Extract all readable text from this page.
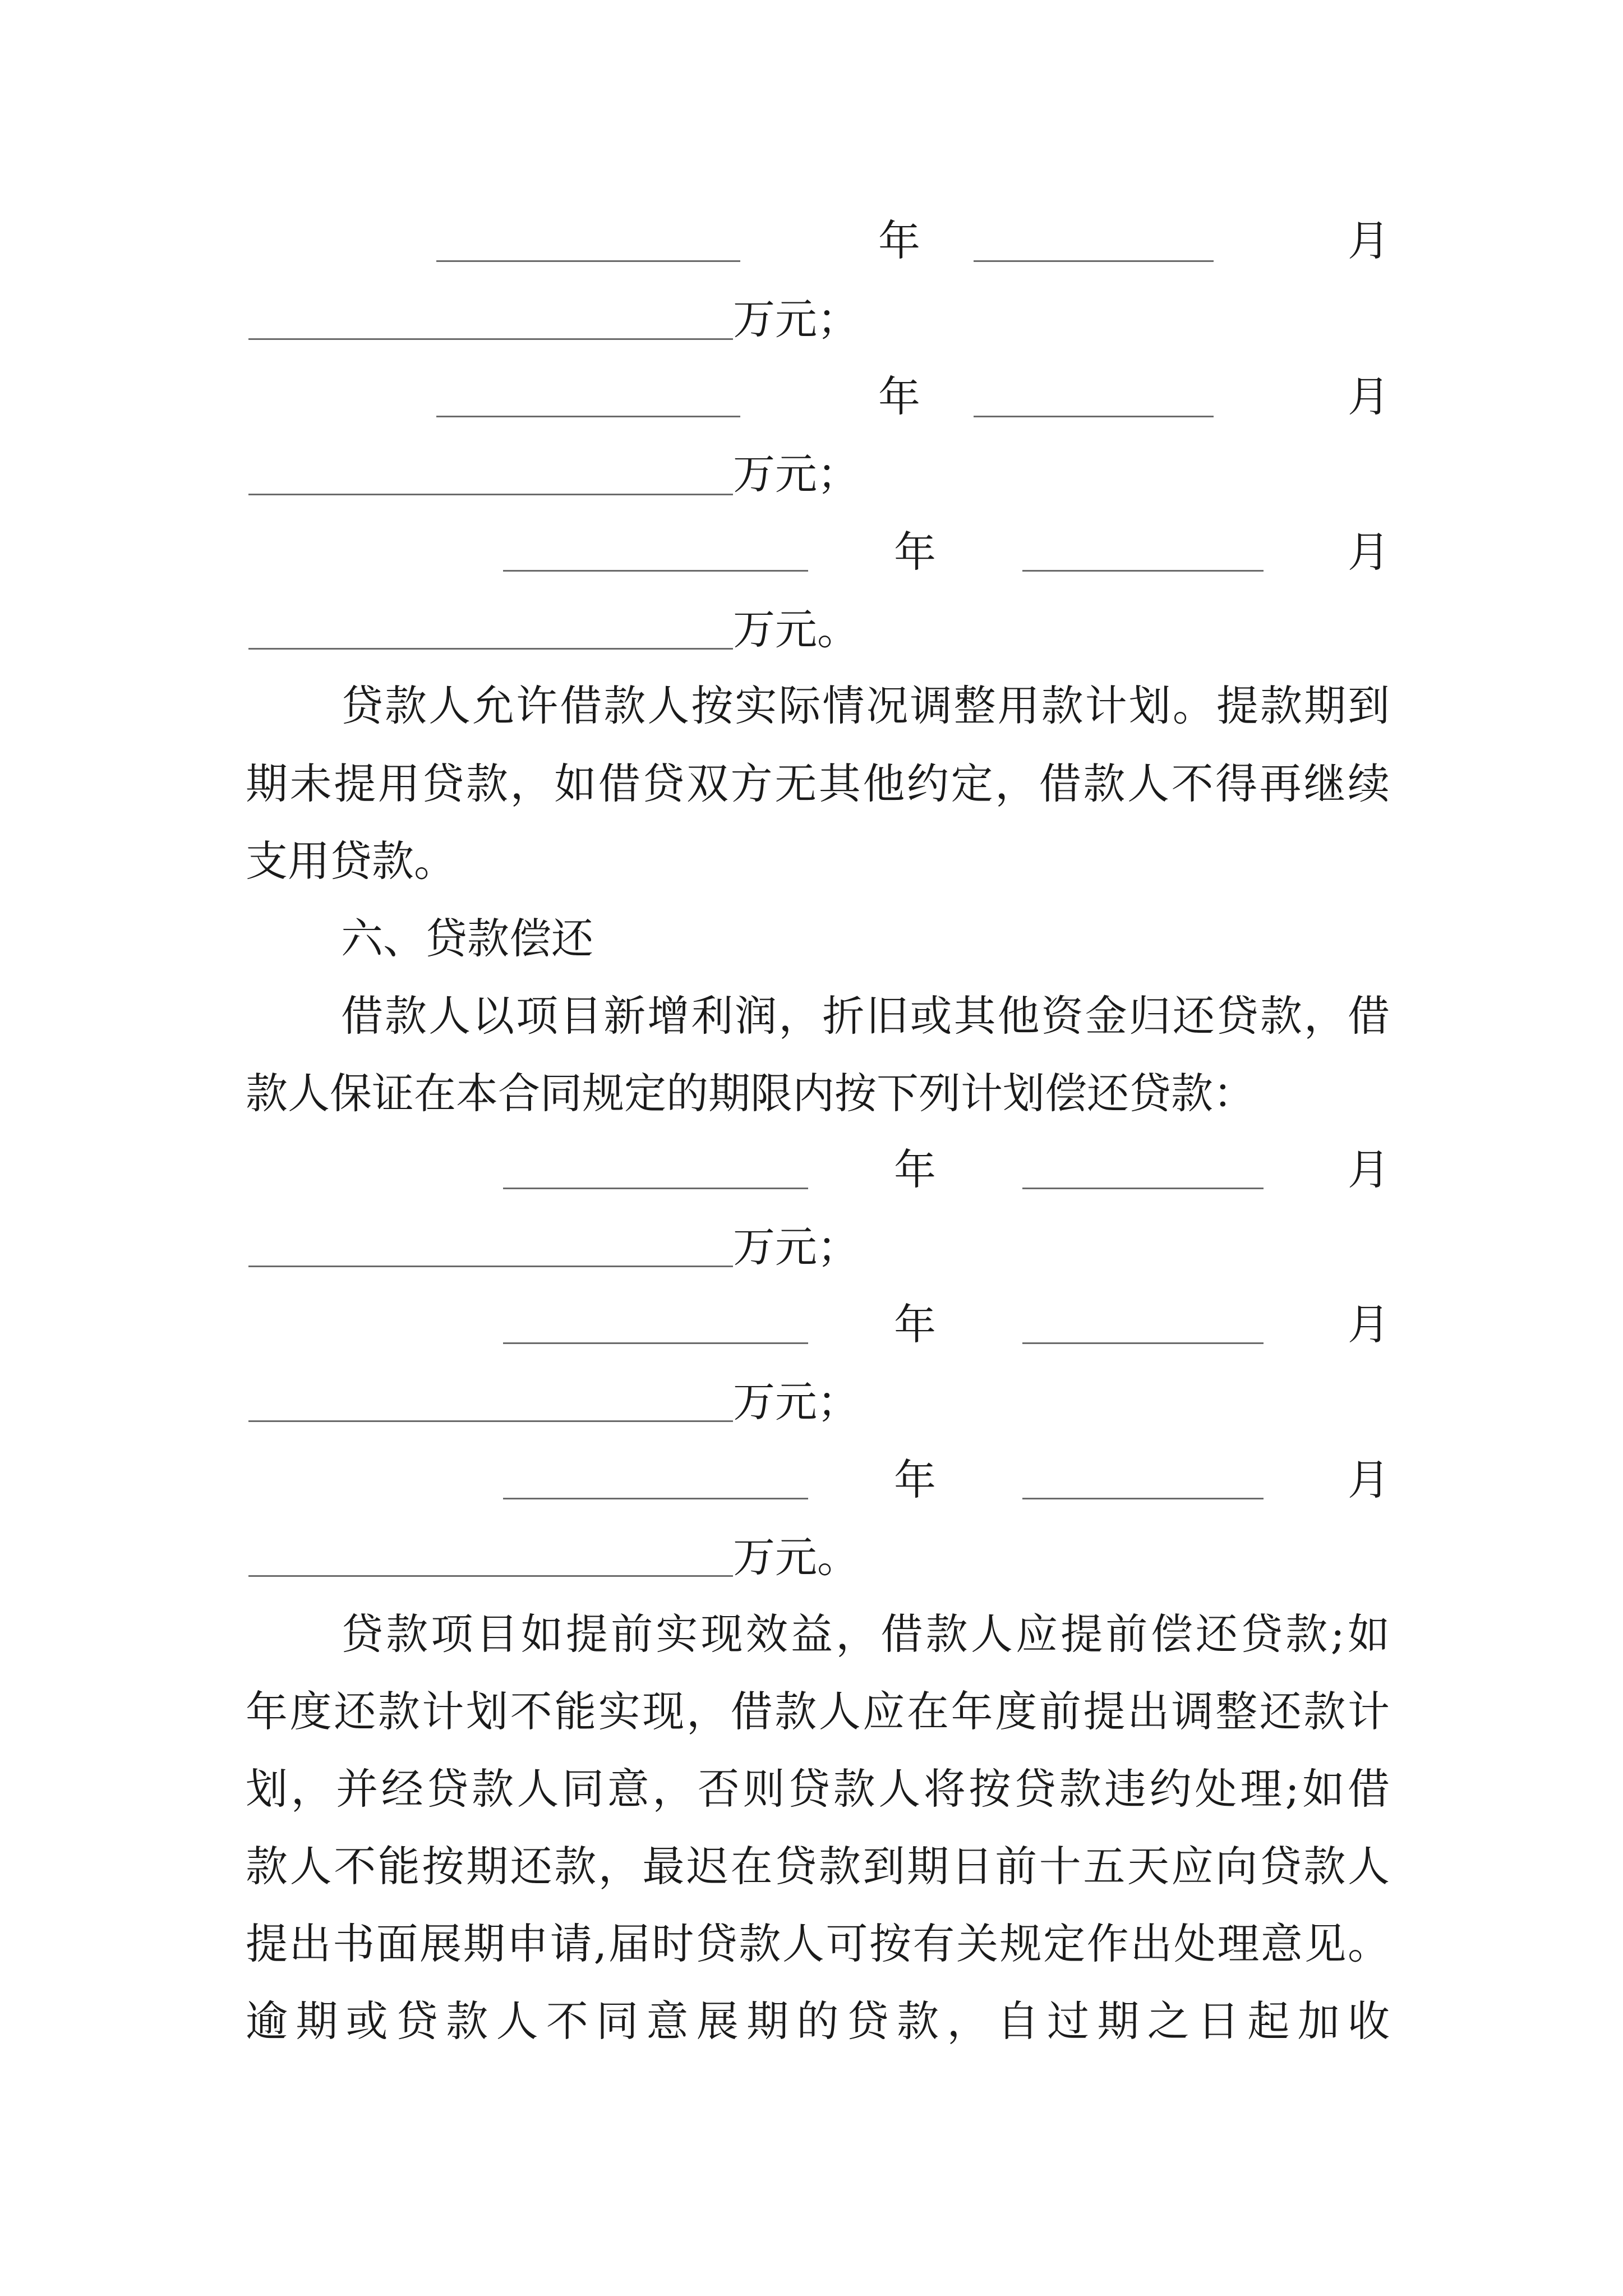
年	月
万元；
年	月
万元；
年	月
万元。
贷款人允许借款人按实际情况调整用款计划。提款期到
期未提用贷款，如借贷双方无其他约定，借款人不得再继续
支用贷款。
六、贷款偿还
借款人以项目新增利润，折旧或其他资金归还贷款，借
款人保证在本合同规定的期限内按下列计划偿还贷款：
年	月
万元；
年	月
万元；
年	月
万元。
贷款项目如提前实现效益，借款人应提前偿还贷款;如
年度还款计划不能实现，借款人应在年度前提出调整还款计
划，并经贷款人同意，否则贷款人将按贷款违约处理;如借
款人不能按期还款，最迟在贷款到期日前十五天应向贷款人
提出书面展期申请,届时贷款人可按有关规定作出处理意见。
逾期或贷款人不同意展期的贷款，自过期之日起加收
